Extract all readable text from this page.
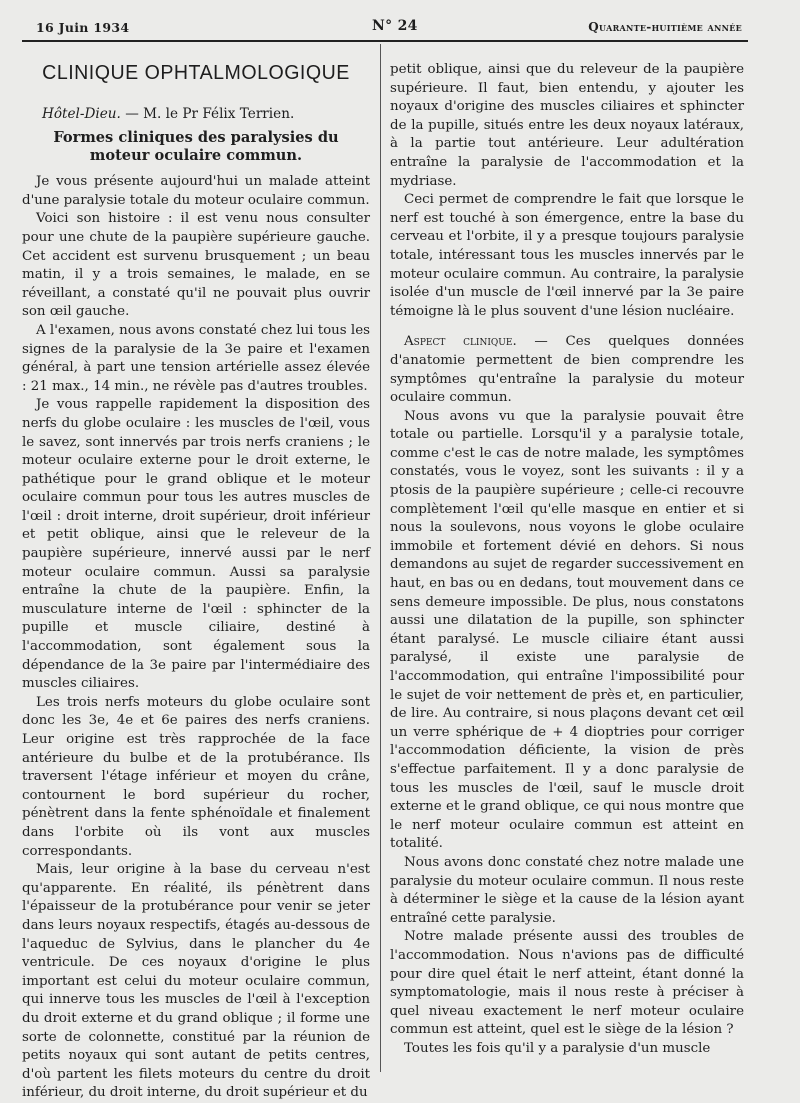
16 Juin 1934	N° 24	Quarante-huitième année
CLINIQUE OPHTALMOLOGIQUE
Hôtel-Dieu. — M. le Pr Félix Terrien.
Formes cliniques des paralysies du moteur oculaire commun.

Je vous présente aujourd'hui un malade atteint d'une paralysie totale du moteur oculaire commun.

Voici son histoire : il est venu nous consulter pour une chute de la paupière supérieure gauche. Cet accident est survenu brusquement ; un beau matin, il y a trois semaines, le malade, en se réveillant, a constaté qu'il ne pouvait plus ouvrir son œil gauche.

A l'examen, nous avons constaté chez lui tous les signes de la paralysie de la 3e paire et l'examen général, à part une tension artérielle assez élevée : 21 max., 14 min., ne révèle pas d'autres troubles.

Je vous rappelle rapidement la disposition des nerfs du globe oculaire : les muscles de l'œil, vous le savez, sont innervés par trois nerfs craniens ; le moteur oculaire externe pour le droit externe, le pathétique pour le grand oblique et le moteur oculaire commun pour tous les autres muscles de l'œil : droit interne, droit supérieur, droit inférieur et petit oblique, ainsi que le releveur de la paupière supérieure, innervé aussi par le nerf moteur oculaire commun. Aussi sa paralysie entraîne la chute de la paupière. Enfin, la musculature interne de l'œil : sphincter de la pupille et muscle ciliaire, destiné à l'accommodation, sont également sous la dépendance de la 3e paire par l'intermédiaire des muscles ciliaires.

Les trois nerfs moteurs du globe oculaire sont donc les 3e, 4e et 6e paires des nerfs craniens. Leur origine est très rapprochée de la face antérieure du bulbe et de la protubérance. Ils traversent l'étage inférieur et moyen du crâne, contournent le bord supérieur du rocher, pénètrent dans la fente sphénoïdale et finalement dans l'orbite où ils vont aux muscles correspondants.

Mais, leur origine à la base du cerveau n'est qu'apparente. En réalité, ils pénètrent dans l'épaisseur de la protubérance pour venir se jeter dans leurs noyaux respectifs, étagés au-dessous de l'aqueduc de Sylvius, dans le plancher du 4e ventricule. De ces noyaux d'origine le plus important est celui du moteur oculaire commun, qui innerve tous les muscles de l'œil à l'exception du droit externe et du grand oblique ; il forme une sorte de colonnette, constitué par la réunion de petits noyaux qui sont autant de petits centres, d'où partent les filets moteurs du centre du droit inférieur, du droit interne, du droit supérieur et du

petit oblique, ainsi que du releveur de la paupière supérieure. Il faut, bien entendu, y ajouter les noyaux d'origine des muscles ciliaires et sphincter de la pupille, situés entre les deux noyaux latéraux, à la partie tout antérieure. Leur adultération entraîne la paralysie de l'accommodation et la mydriase.

Ceci permet de comprendre le fait que lorsque le nerf est touché à son émergence, entre la base du cerveau et l'orbite, il y a presque toujours paralysie totale, intéressant tous les muscles innervés par le moteur oculaire commun. Au contraire, la paralysie isolée d'un muscle de l'œil innervé par la 3e paire témoigne là le plus souvent d'une lésion nucléaire.

Aspect clinique. — Ces quelques données d'anatomie permettent de bien comprendre les symptômes qu'entraîne la paralysie du moteur oculaire commun.

Nous avons vu que la paralysie pouvait être totale ou partielle. Lorsqu'il y a paralysie totale, comme c'est le cas de notre malade, les symptômes constatés, vous le voyez, sont les suivants : il y a ptosis de la paupière supérieure ; celle-ci recouvre complètement l'œil qu'elle masque en entier et si nous la soulevons, nous voyons le globe oculaire immobile et fortement dévié en dehors. Si nous demandons au sujet de regarder successivement en haut, en bas ou en dedans, tout mouvement dans ce sens demeure impossible. De plus, nous constatons aussi une dilatation de la pupille, son sphincter étant paralysé. Le muscle ciliaire étant aussi paralysé, il existe une paralysie de l'accommodation, qui entraîne l'impossibilité pour le sujet de voir nettement de près et, en particulier, de lire. Au contraire, si nous plaçons devant cet œil un verre sphérique de + 4 dioptries pour corriger l'accommodation déficiente, la vision de près s'effectue parfaitement. Il y a donc paralysie de tous les muscles de l'œil, sauf le muscle droit externe et le grand oblique, ce qui nous montre que le nerf moteur oculaire commun est atteint en totalité.

Nous avons donc constaté chez notre malade une paralysie du moteur oculaire commun. Il nous reste à déterminer le siège et la cause de la lésion ayant entraîné cette paralysie.

Notre malade présente aussi des troubles de l'accommodation. Nous n'avions pas de difficulté pour dire quel était le nerf atteint, étant donné la symptomatologie, mais il nous reste à préciser à quel niveau exactement le nerf moteur oculaire commun est atteint, quel est le siège de la lésion ?

Toutes les fois qu'il y a paralysie d'un muscle
